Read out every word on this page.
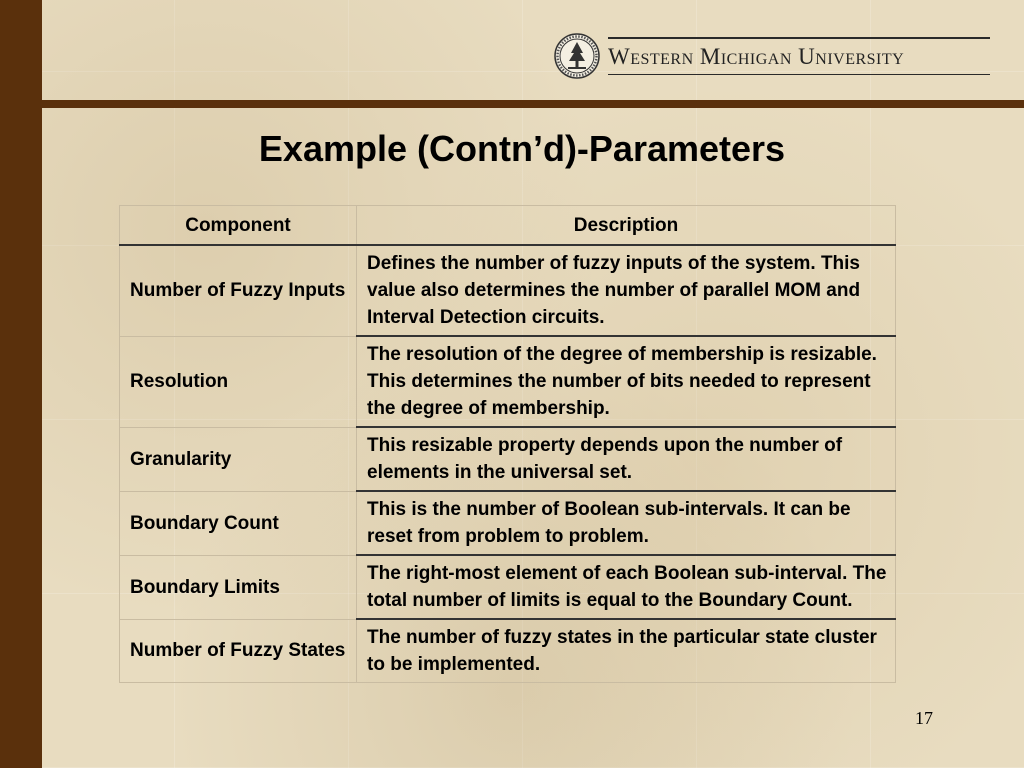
Western Michigan University
Example (Contn’d)-Parameters
Component	Description
Number of Fuzzy Inputs	Defines the number of fuzzy inputs of the system. This value also determines the number of parallel MOM and Interval Detection circuits.
Resolution	The resolution of the degree of membership is resizable. This determines the number of bits needed to represent the degree of membership.
Granularity	This resizable property depends upon the number of elements in the universal set.
Boundary Count	This is the number of Boolean sub-intervals. It can be reset from problem to problem.
Boundary Limits	The right-most element of each Boolean sub-interval. The total number of limits is equal to the Boundary Count.
Number of Fuzzy States	The number of fuzzy states in the particular state cluster to be implemented.
17
